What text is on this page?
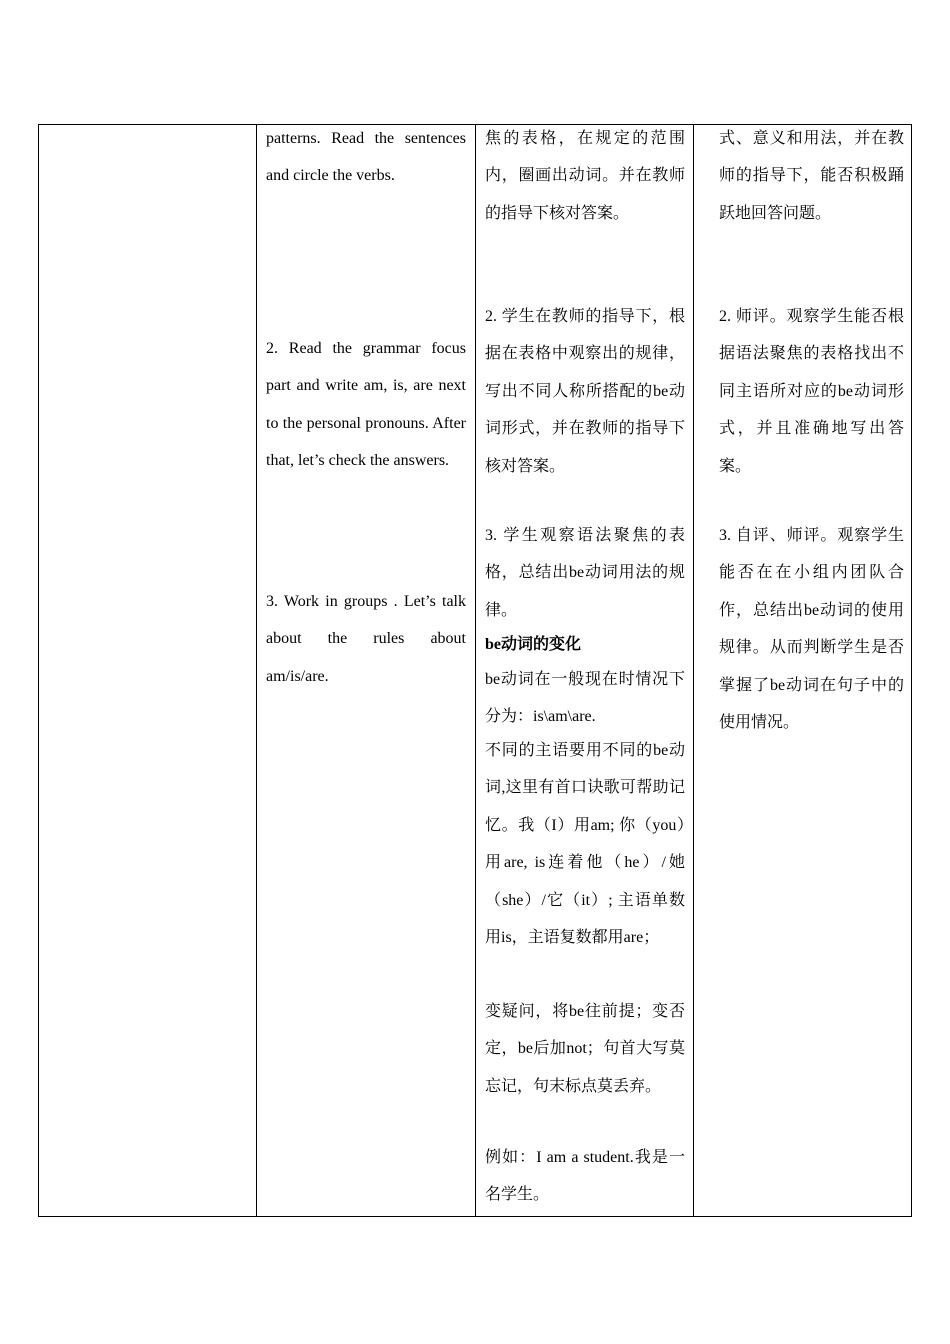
patterns. Read the sentences and circle the verbs.

2. Read the grammar focus part and write am, is, are next to the personal pronouns. After that, let’s check the answers.

3. Work in groups . Let’s talk about the rules about am/is/are.

焦的表格，在规定的范围内，圈画出动词。并在教师的指导下核对答案。

2. 学生在教师的指导下，根据在表格中观察出的规律，写出不同人称所搭配的be动词形式，并在教师的指导下核对答案。

3. 学生观察语法聚焦的表格，总结出be动词用法的规律。

be动词的变化

be动词在一般现在时情况下分为：is\am\are.

不同的主语要用不同的be动词,这里有首口诀歌可帮助记忆。我（I）用am; 你（you）用are, is连着他（he）/她（she）/它（it）; 主语单数用is，主语复数都用are；

变疑问，将be往前提；变否定，be后加not；句首大写莫忘记，句末标点莫丢弃。

例如：I am a student.我是一名学生。

式、意义和用法，并在教师的指导下，能否积极踊跃地回答问题。

2. 师评。观察学生能否根据语法聚焦的表格找出不同主语所对应的be动词形式，并且准确地写出答案。

3. 自评、师评。观察学生能否在在小组内团队合作，总结出be动词的使用规律。从而判断学生是否掌握了be动词在句子中的使用情况。
